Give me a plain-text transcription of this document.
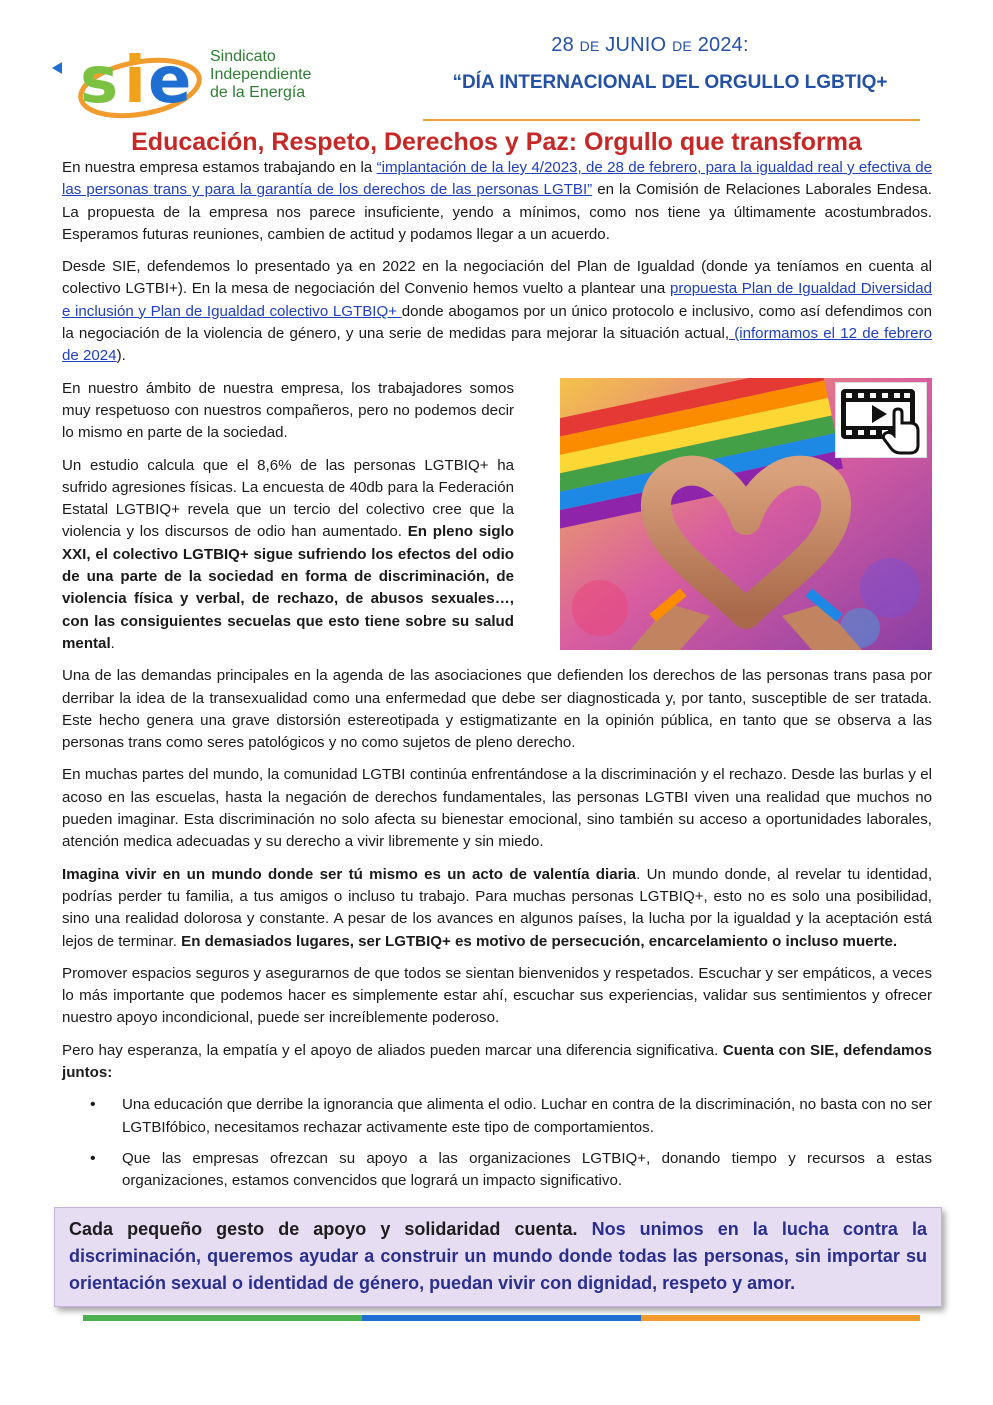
s i e Sindicato
Independiente
de la Energía
28 DE JUNIO DE 2024:
“DÍA INTERNACIONAL DEL ORGULLO LGBTIQ+
Educación, Respeto, Derechos y Paz: Orgullo que transforma

En nuestra empresa estamos trabajando en la “implantación de la ley 4/2023, de 28 de febrero, para la igualdad real y efectiva de las personas trans y para la garantía de los derechos de las personas LGTBI” en la Comisión de Relaciones Laborales Endesa. La propuesta de la empresa nos parece insuficiente, yendo a mínimos, como nos tiene ya últimamente acostumbrados. Esperamos futuras reuniones, cambien de actitud y podamos llegar a un acuerdo.

Desde SIE, defendemos lo presentado ya en 2022 en la negociación del Plan de Igualdad (donde ya teníamos en cuenta al colectivo LGTBI+). En la mesa de negociación del Convenio hemos vuelto a plantear una propuesta Plan de Igualdad Diversidad e inclusión y Plan de Igualdad colectivo LGTBIQ+ donde abogamos por un único protocolo e inclusivo, como así defendimos con la negociación de la violencia de género, y una serie de medidas para mejorar la situación actual, (informamos el 12 de febrero de 2024).

En nuestro ámbito de nuestra empresa, los trabajadores somos muy respetuoso con nuestros compañeros, pero no podemos decir lo mismo en parte de la sociedad.

Un estudio calcula que el 8,6% de las personas LGTBIQ+ ha sufrido agresiones físicas. La encuesta de 40db para la Federación Estatal LGTBIQ+ revela que un tercio del colectivo cree que la violencia y los discursos de odio han aumentado. En pleno siglo XXI, el colectivo LGTBIQ+ sigue sufriendo los efectos del odio de una parte de la sociedad en forma de discriminación, de violencia física y verbal, de rechazo, de abusos sexuales…, con las consiguientes secuelas que esto tiene sobre su salud mental.

Una de las demandas principales en la agenda de las asociaciones que defienden los derechos de las personas trans pasa por derribar la idea de la transexualidad como una enfermedad que debe ser diagnosticada y, por tanto, susceptible de ser tratada. Este hecho genera una grave distorsión estereotipada y estigmatizante en la opinión pública, en tanto que se observa a las personas trans como seres patológicos y no como sujetos de pleno derecho.

En muchas partes del mundo, la comunidad LGTBI continúa enfrentándose a la discriminación y el rechazo. Desde las burlas y el acoso en las escuelas, hasta la negación de derechos fundamentales, las personas LGTBI viven una realidad que muchos no pueden imaginar. Esta discriminación no solo afecta su bienestar emocional, sino también su acceso a oportunidades laborales, atención medica adecuadas y su derecho a vivir libremente y sin miedo.

Imagina vivir en un mundo donde ser tú mismo es un acto de valentía diaria. Un mundo donde, al revelar tu identidad, podrías perder tu familia, a tus amigos o incluso tu trabajo. Para muchas personas LGTBIQ+, esto no es solo una posibilidad, sino una realidad dolorosa y constante. A pesar de los avances en algunos países, la lucha por la igualdad y la aceptación está lejos de terminar. En demasiados lugares, ser LGTBIQ+ es motivo de persecución, encarcelamiento o incluso muerte.

Promover espacios seguros y asegurarnos de que todos se sientan bienvenidos y respetados. Escuchar y ser empáticos, a veces lo más importante que podemos hacer es simplemente estar ahí, escuchar sus experiencias, validar sus sentimientos y ofrecer nuestro apoyo incondicional, puede ser increíblemente poderoso.

Pero hay esperanza, la empatía y el apoyo de aliados pueden marcar una diferencia significativa. Cuenta con SIE, defendamos juntos:

• Una educación que derribe la ignorancia que alimenta el odio. Luchar en contra de la discriminación, no basta con no ser LGTBIfóbico, necesitamos rechazar activamente este tipo de comportamientos.
• Que las empresas ofrezcan su apoyo a las organizaciones LGTBIQ+, donando tiempo y recursos a estas organizaciones, estamos convencidos que logrará un impacto significativo.
Cada pequeño gesto de apoyo y solidaridad cuenta. Nos unimos en la lucha contra la discriminación, queremos ayudar a construir un mundo donde todas las personas, sin importar su orientación sexual o identidad de género, puedan vivir con dignidad, respeto y amor.
